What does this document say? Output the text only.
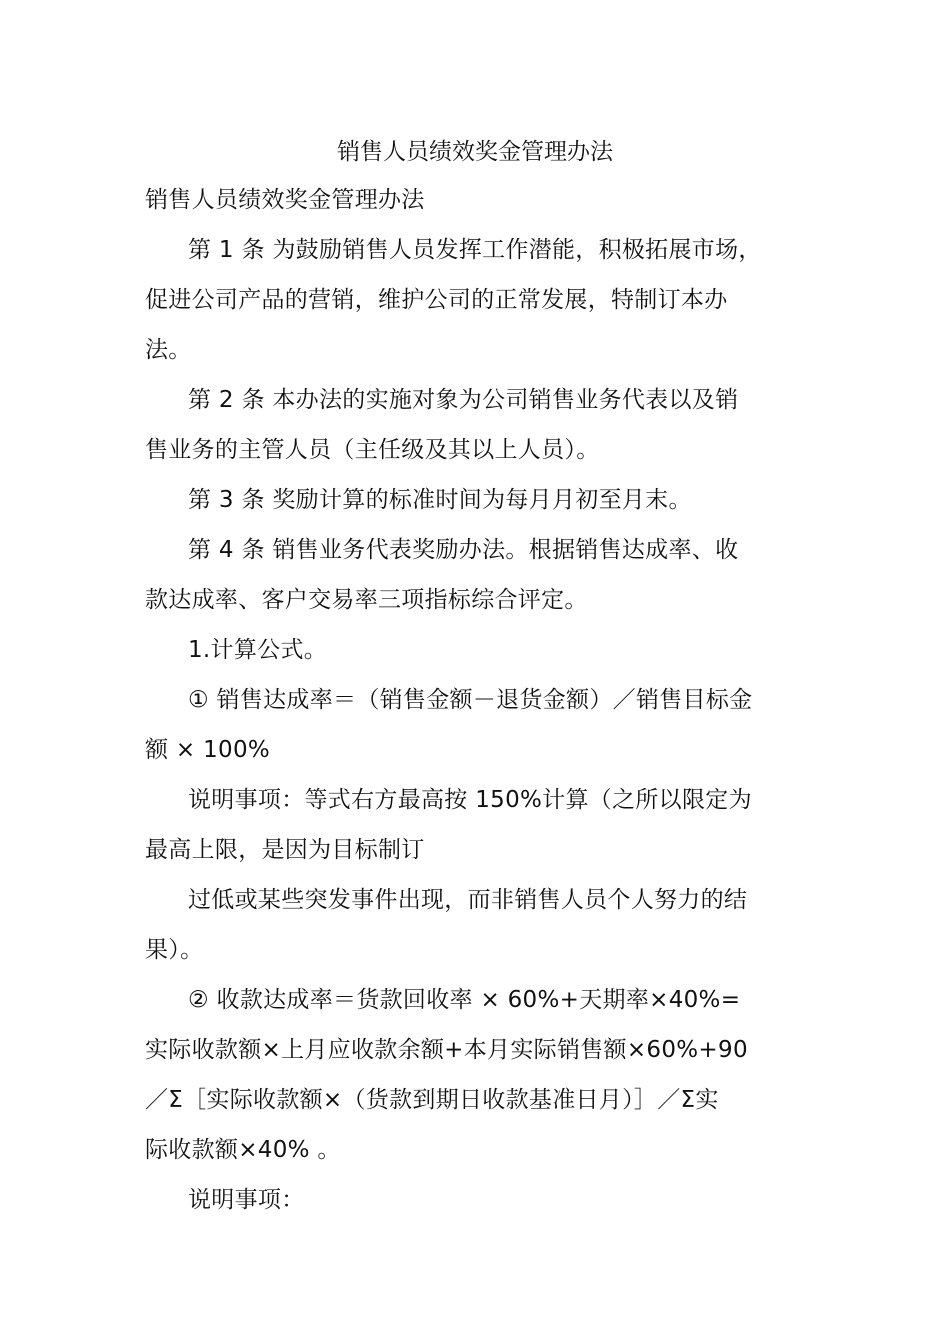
销售人员绩效奖金管理办法
销售人员绩效奖金管理办法
第 1 条 为鼓励销售人员发挥工作潜能，积极拓展市场，
促进公司产品的营销，维护公司的正常发展，特制订本办
法。
第 2 条 本办法的实施对象为公司销售业务代表以及销
售业务的主管人员（主任级及其以上人员）。
第 3 条 奖励计算的标准时间为每月月初至月末。
第 4 条 销售业务代表奖励办法。根据销售达成率、收
款达成率、客户交易率三项指标综合评定。
1.计算公式。
① 销售达成率＝（销售金额－退货金额）／销售目标金
额 × 100%
说明事项：等式右方最高按 150%计算（之所以限定为
最高上限，是因为目标制订
过低或某些突发事件出现，而非销售人员个人努力的结
果）。
② 收款达成率＝货款回收率 × 60%+天期率×40%=
实际收款额×上月应收款余额+本月实际销售额×60%+90
／Σ［实际收款额×（货款到期日收款基准日月）］／Σ实
际收款额×40% 。
说明事项：
